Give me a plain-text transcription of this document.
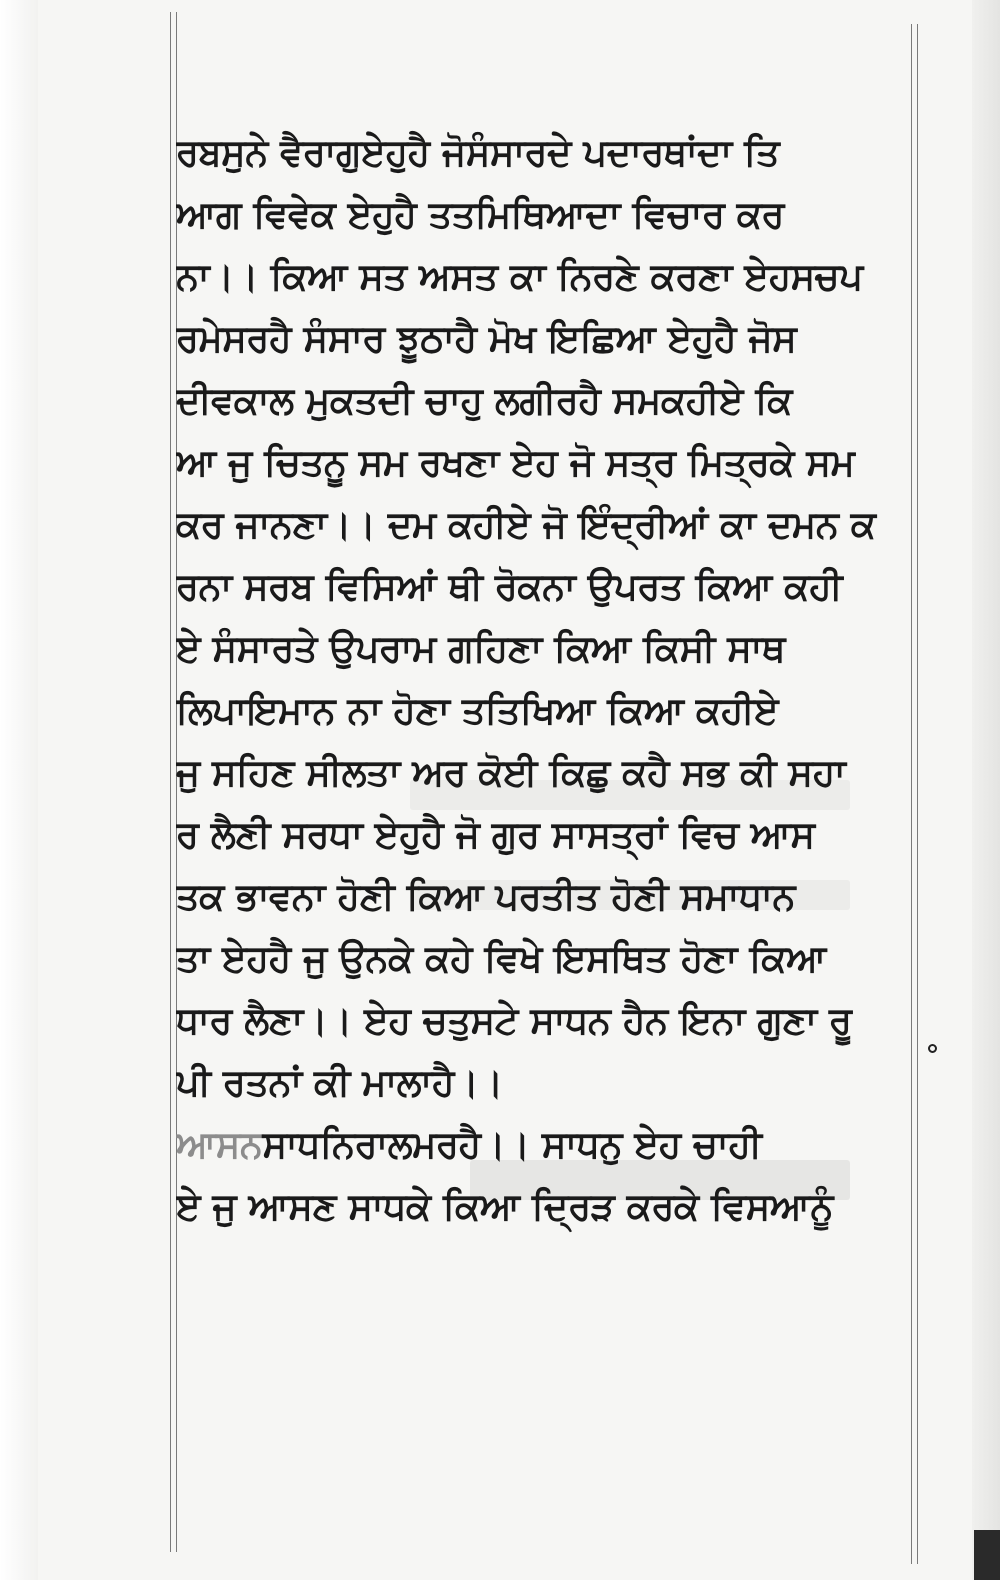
ਰਬਸੁਨੇ ਵੈਰਾਗੁਏਹੁਹੈ ਜੋਸੰਸਾਰਦੇ ਪਦਾਰਥਾਂਦਾ ਤਿ
ਆਗ ਵਿਵੇਕ ਏਹੁਹੈ ਤਤਮਿਥਿਆਦਾ ਵਿਚਾਰ ਕਰ
ਨਾ।। ਕਿਆ ਸਤ ਅਸਤ ਕਾ ਨਿਰਣੇ ਕਰਣਾ ਏਹਸਚਪ
ਰਮੇਸਰਹੈ ਸੰਸਾਰ ਝੂਠਾਹੈ ਮੋਖ ਇਛਿਆ ਏਹੁਹੈ ਜੋਸ
ਦੀਵਕਾਲ ਮੁਕਤਦੀ ਚਾਹੁ ਲਗੀਰਹੈ ਸਮਕਹੀਏ ਕਿ
ਆ ਜੁ ਚਿਤਨੂ ਸਮ ਰਖਣਾ ਏਹ ਜੋ ਸਤ੍ਰ ਮਿਤ੍ਰਕੇ ਸਮ
ਕਰ ਜਾਨਣਾ।। ਦਮ ਕਹੀਏ ਜੋ ਇੰਦ੍ਰੀਆਂ ਕਾ ਦਮਨ ਕ
ਰਨਾ ਸਰਬ ਵਿਸਿਆਂ ਥੀ ਰੋਕਨਾ ਉਪਰਤ ਕਿਆ ਕਹੀ
ਏ ਸੰਸਾਰਤੇ ਉਪਰਾਮ ਗਹਿਣਾ ਕਿਆ ਕਿਸੀ ਸਾਥ
ਲਿਪਾਇਮਾਨ ਨਾ ਹੋਣਾ ਤਤਿਖਿਆ ਕਿਆ ਕਹੀਏ
ਜੁ ਸਹਿਣ ਸੀਲਤਾ ਅਰ ਕੋਈ ਕਿਛੁ ਕਹੈ ਸਭ ਕੀ ਸਹਾ
ਰ ਲੈਣੀ ਸਰਧਾ ਏਹੁਹੈ ਜੋ ਗੁਰ ਸਾਸਤ੍ਰਾਂ ਵਿਚ ਆਸ
ਤਕ ਭਾਵਨਾ ਹੋਣੀ ਕਿਆ ਪਰਤੀਤ ਹੋਣੀ ਸਮਾਧਾਨ
ਤਾ ਏਹਹੈ ਜੁ ਉਨਕੇ ਕਹੇ ਵਿਖੇ ਇਸਥਿਤ ਹੋਣਾ ਕਿਆ
ਧਾਰ ਲੈਣਾ।। ਏਹ ਚਤੁਸਟੇ ਸਾਧਨ ਹੈਨ ਇਨਾ ਗੁਣਾ ਰੂ
ਪੀ ਰਤਨਾਂ ਕੀ ਮਾਲਾਹੈ।।
ਆਸਨ ਸਾਧਨਿਰਾਲਮਰਹੈ।। ਸਾਧਨੁ ਏਹ ਚਾਹੀ
ਏ ਜੁ ਆਸਣ ਸਾਧਕੇ ਕਿਆ ਦ੍ਰਿੜ ਕਰਕੇ ਵਿਸਆਨੂੰ
